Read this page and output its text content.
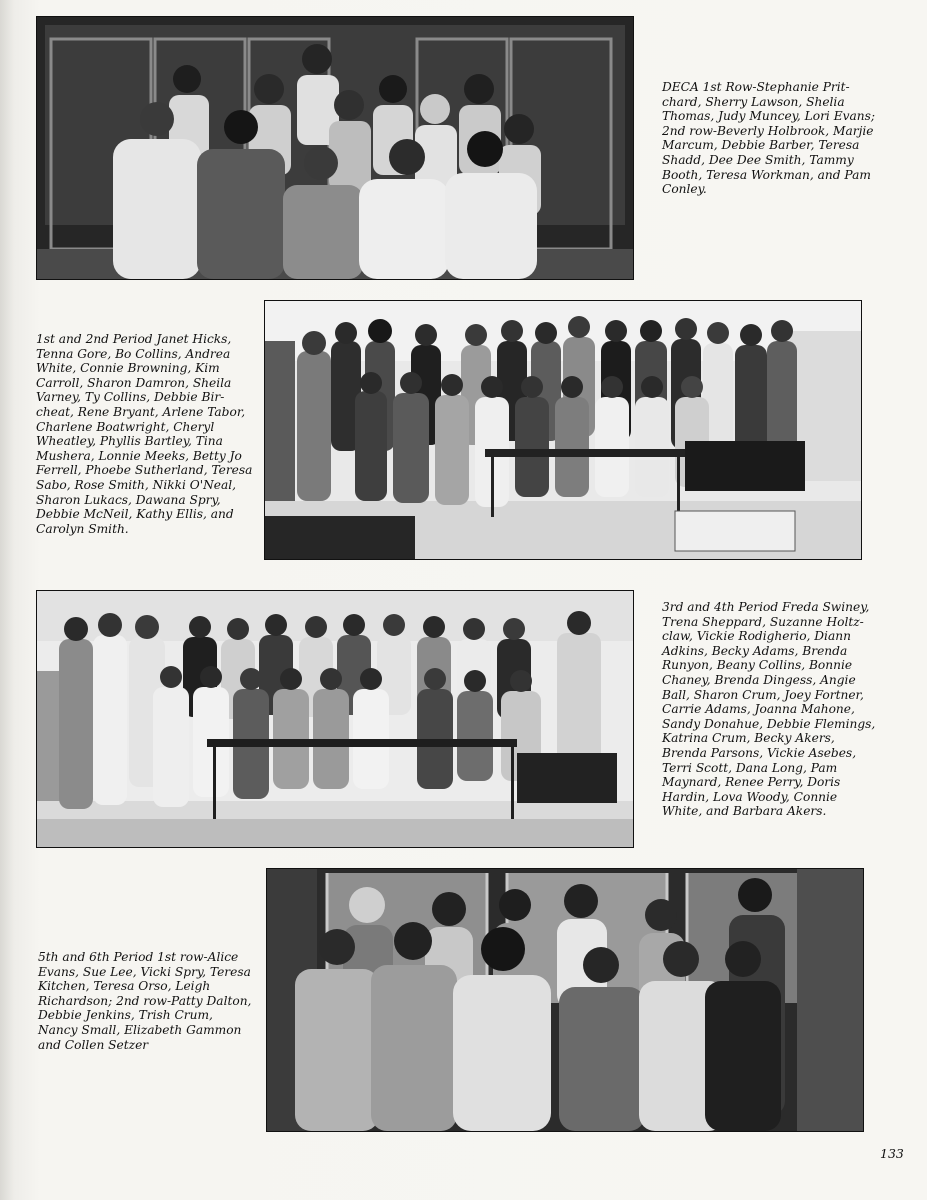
DECA 1st Row-Stephanie Prit-
chard, Sherry Lawson, Shelia
Thomas, Judy Muncey, Lori Evans;
2nd row-Beverly Holbrook, Marjie
Marcum, Debbie Barber, Teresa
Shadd, Dee Dee Smith, Tammy
Booth, Teresa Workman, and Pam
Conley.

1st and 2nd Period Janet Hicks,
Tenna Gore, Bo Collins, Andrea
White, Connie Browning, Kim
Carroll, Sharon Damron, Sheila
Varney, Ty Collins, Debbie Bir-
cheat, Rene Bryant, Arlene Tabor,
Charlene Boatwright, Cheryl
Wheatley, Phyllis Bartley, Tina
Mushera, Lonnie Meeks, Betty Jo
Ferrell, Phoebe Sutherland, Teresa
Sabo, Rose Smith, Nikki O'Neal,
Sharon Lukacs, Dawana Spry,
Debbie McNeil, Kathy Ellis, and
Carolyn Smith.

3rd and 4th Period Freda Swiney,
Trena Sheppard, Suzanne Holtz-
claw, Vickie Rodigherio, Diann
Adkins, Becky Adams, Brenda
Runyon, Beany Collins, Bonnie
Chaney, Brenda Dingess, Angie
Ball, Sharon Crum, Joey Fortner,
Carrie Adams, Joanna Mahone,
Sandy Donahue, Debbie Flemings,
Katrina Crum, Becky Akers,
Brenda Parsons, Vickie Asebes,
Terri Scott, Dana Long, Pam
Maynard, Renee Perry, Doris
Hardin, Lova Woody, Connie
White, and Barbara Akers.

5th and 6th Period 1st row-Alice
Evans, Sue Lee, Vicki Spry, Teresa
Kitchen, Teresa Orso, Leigh
Richardson; 2nd row-Patty Dalton,
Debbie Jenkins, Trish Crum,
Nancy Small, Elizabeth Gammon
and Collen Setzer

133
